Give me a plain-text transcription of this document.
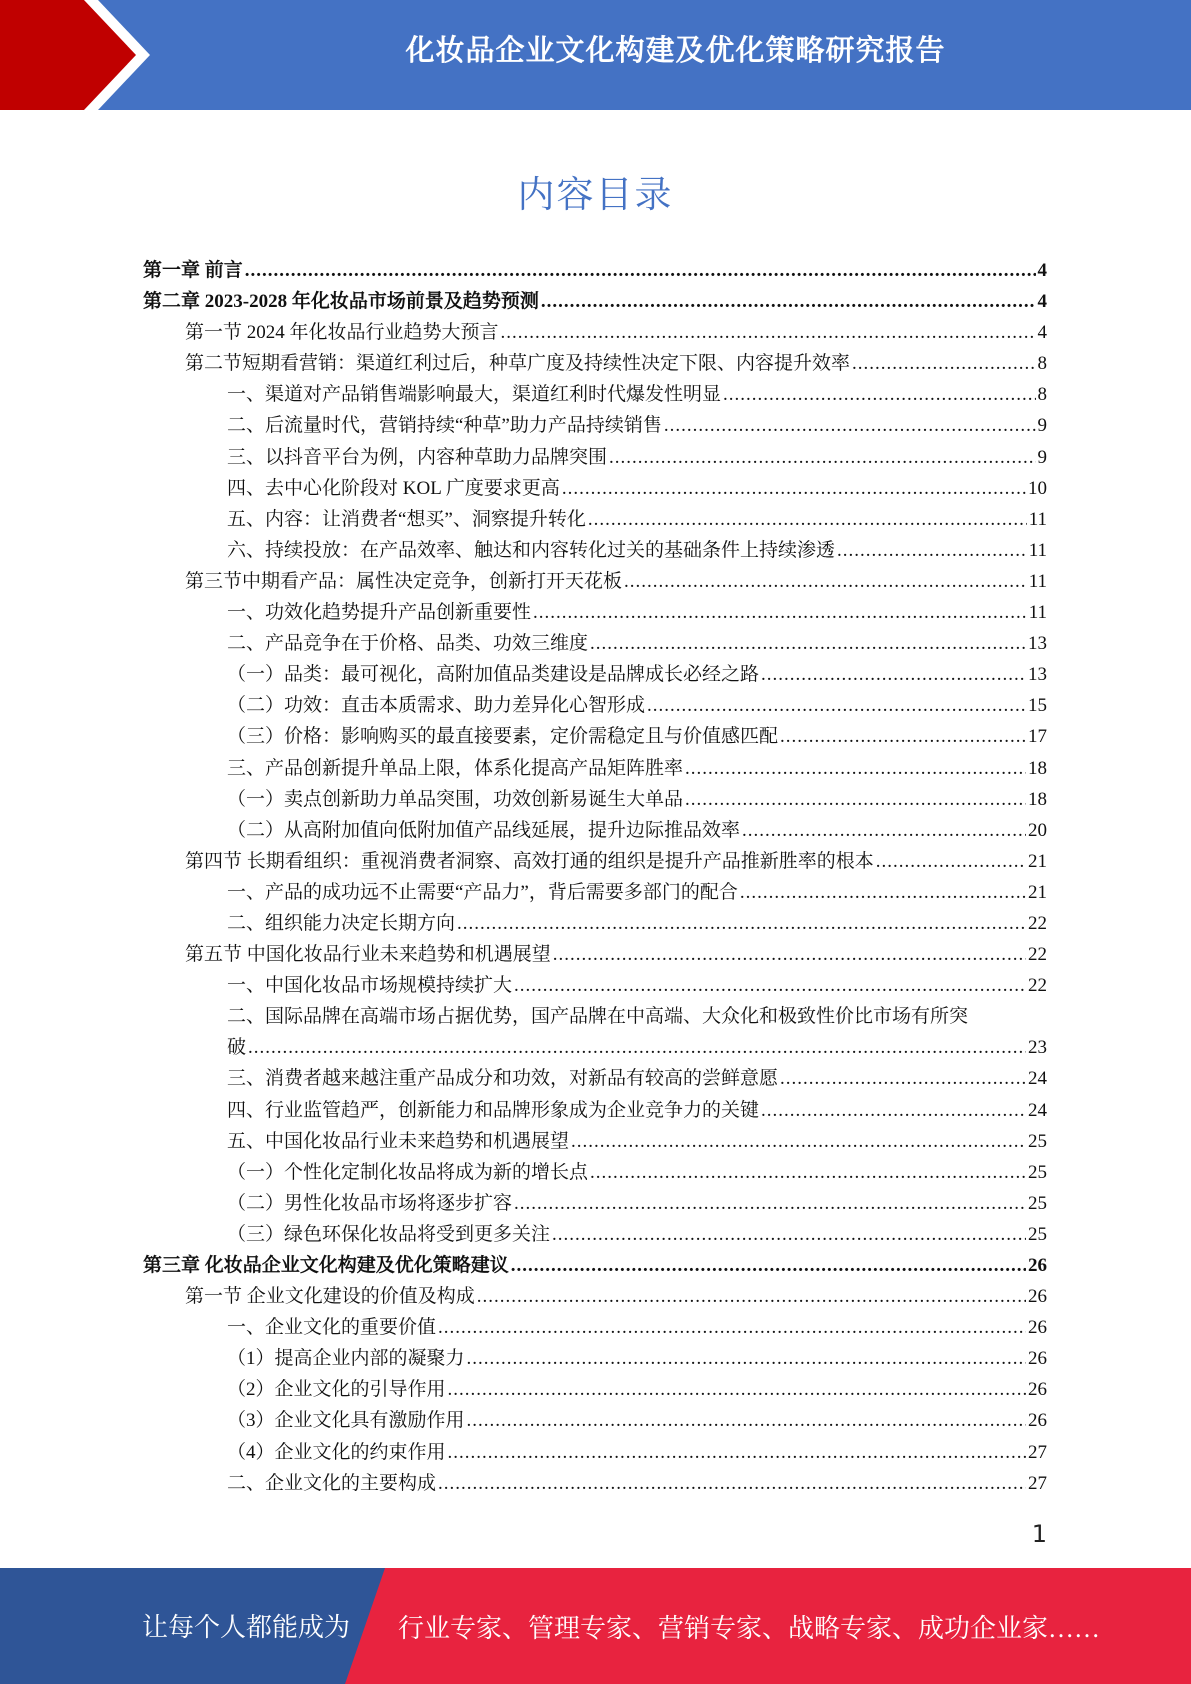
化妆品企业文化构建及优化策略研究报告
内容目录
第一章 前言 .....	4
第二章 2023-2028 年化妆品市场前景及趋势预测 .....	4
第一节 2024 年化妆品行业趋势大预言 .....	4
第二节短期看营销：渠道红利过后，种草广度及持续性决定下限、内容提升效率 .....	8
一、渠道对产品销售端影响最大，渠道红利时代爆发性明显 .....	8
二、后流量时代，营销持续“种草”助力产品持续销售 .....	9
三、以抖音平台为例，内容种草助力品牌突围 .....	9
四、去中心化阶段对 KOL 广度要求更高 .....	10
五、内容：让消费者“想买”、洞察提升转化 .....	11
六、持续投放：在产品效率、触达和内容转化过关的基础条件上持续渗透 .....	11
第三节中期看产品：属性决定竞争，创新打开天花板 .....	11
一、功效化趋势提升产品创新重要性 .....	11
二、产品竞争在于价格、品类、功效三维度 .....	13
（一）品类：最可视化，高附加值品类建设是品牌成长必经之路 .....	13
（二）功效：直击本质需求、助力差异化心智形成 .....	15
（三）价格：影响购买的最直接要素，定价需稳定且与价值感匹配 .....	17
三、产品创新提升单品上限，体系化提高产品矩阵胜率 .....	18
（一）卖点创新助力单品突围，功效创新易诞生大单品 .....	18
（二）从高附加值向低附加值产品线延展，提升边际推品效率 .....	20
第四节 长期看组织：重视消费者洞察、高效打通的组织是提升产品推新胜率的根本 .....	21
一、产品的成功远不止需要“产品力”，背后需要多部门的配合 .....	21
二、组织能力决定长期方向 .....	22
第五节 中国化妆品行业未来趋势和机遇展望 .....	22
一、中国化妆品市场规模持续扩大 .....	22
二、国际品牌在高端市场占据优势，国产品牌在中高端、大众化和极致性价比市场有所突
破 .....	23
三、消费者越来越注重产品成分和功效，对新品有较高的尝鲜意愿 .....	24
四、行业监管趋严，创新能力和品牌形象成为企业竞争力的关键 .....	24
五、中国化妆品行业未来趋势和机遇展望 .....	25
（一）个性化定制化妆品将成为新的增长点 .....	25
（二）男性化妆品市场将逐步扩容 .....	25
（三）绿色环保化妆品将受到更多关注 .....	25
第三章 化妆品企业文化构建及优化策略建议 .....	26
第一节 企业文化建设的价值及构成 .....	26
一、企业文化的重要价值 .....	26
（1）提高企业内部的凝聚力 .....	26
（2）企业文化的引导作用 .....	26
（3）企业文化具有激励作用 .....	26
（4）企业文化的约束作用 .....	27
二、企业文化的主要构成 .....	27
1
让每个人都能成为 行业专家、管理专家、营销专家、战略专家、成功企业家……
